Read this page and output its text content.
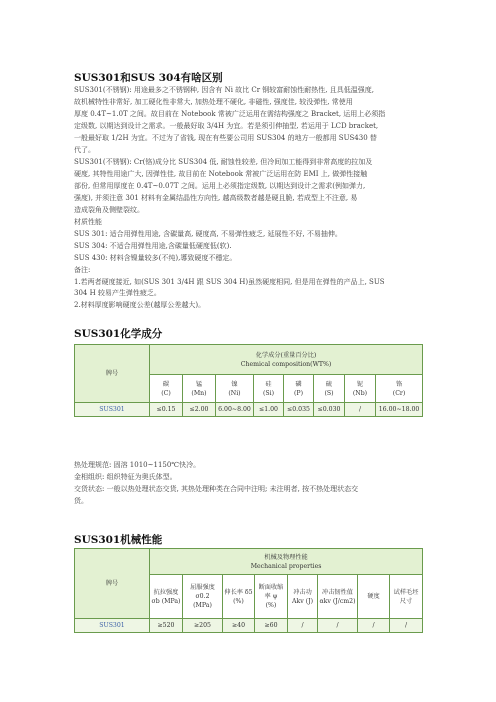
SUS301和SUS 304有啥区别

SUS301(不锈钢): 用途最多之不锈钢种, 因含有 Ni 故比 Cr 钢较富耐蚀性耐热性, 且具低温强度,
故机械特性非常好, 加工硬化性非常大, 加热处理不硬化, 非磁性, 强度佳, 较没弹性, 常使用
厚度 0.4T~1.0T 之间。故目前在 Notebook 常被广泛运用在需结构强度之 Bracket, 运用上必须指
定级数, 以期达到设计之需求。一般最好取 3/4H 为宜。若是须引伸抽型, 若运用于 LCD bracket,
一般最好取 1/2H 为宜。不过为了省钱, 现在有些要公司用 SUS304 的地方一般都用 SUS430 替
代了。

SUS301(不锈钢): Cr(铬)成分比 SUS304 低, 耐蚀性较差, 但冷间加工能得到非常高度的拉加及
硬度, 其特性用途广大, 因弹性佳, 故目前在 Notebook 常被广泛运用在防 EMI 上, 做弹性接触
部份, 但常用厚度在 0.4T~0.07T 之间。运用上必须指定级数, 以期达到设计之需求(例如弹力,
强度), 并须注意 301 材料有金属结晶性方向性, 越高级数者越是硬且脆, 若成型上不注意, 易
造成裂角及侧壁裂纹。

材质性能
SUS 301: 适合用弹性用途, 含碳量高, 硬度高, 不易弹性疲乏, 延展性不好, 不易抽伸。
SUS 304: 不适合用弹性用途,含碳量低硬度低(软).
SUS 430: 材料含镍量较多(不纯),導致硬度不穩定。
备注:
1.若两者硬度接近, 如(SUS 301 3/4H 跟 SUS 304 H)虽然硬度相同, 但是用在弹性的产品上, SUS
304 H 较易产生弹性疲乏。
2.材料厚度影响硬度公差(越厚公差越大)。

SUS301化学成分
牌号	化学成分(重量百分比)
Chemical composition(WT%)							
	碳
(C)	锰
(Mn)	镍
(Ni)	硅
(Si)	磷
(P)	硫
(S)	铌
(Nb)	铬
(Cr)
SUS301	≤0.15	≤2.00	6.00~8.00	≤1.00	≤0.035	≤0.030	/	16.00~18.00

热处理规范: 固溶 1010~1150℃快冷。
金相组织: 组织特征为奥氏体型。
交货状态: 一般以热处理状态交货, 其热处理种类在合同中注明; 未注明者, 按不热处理状态交
货。

SUS301机械性能
牌号	机械及物理性能
Mechanical properties							
	抗拉强度
σb (MPa)	屈服强度 σ0.2
(MPa)	伸长率 δ5
(%)	断面收缩
率 ψ
(%)	冲击功
Akv (J)	冲击韧性值
αkv (J/cm2)	硬度	试样毛坯
尺寸
SUS301	≥520	≥205	≥40	≥60	/	/	/	/
